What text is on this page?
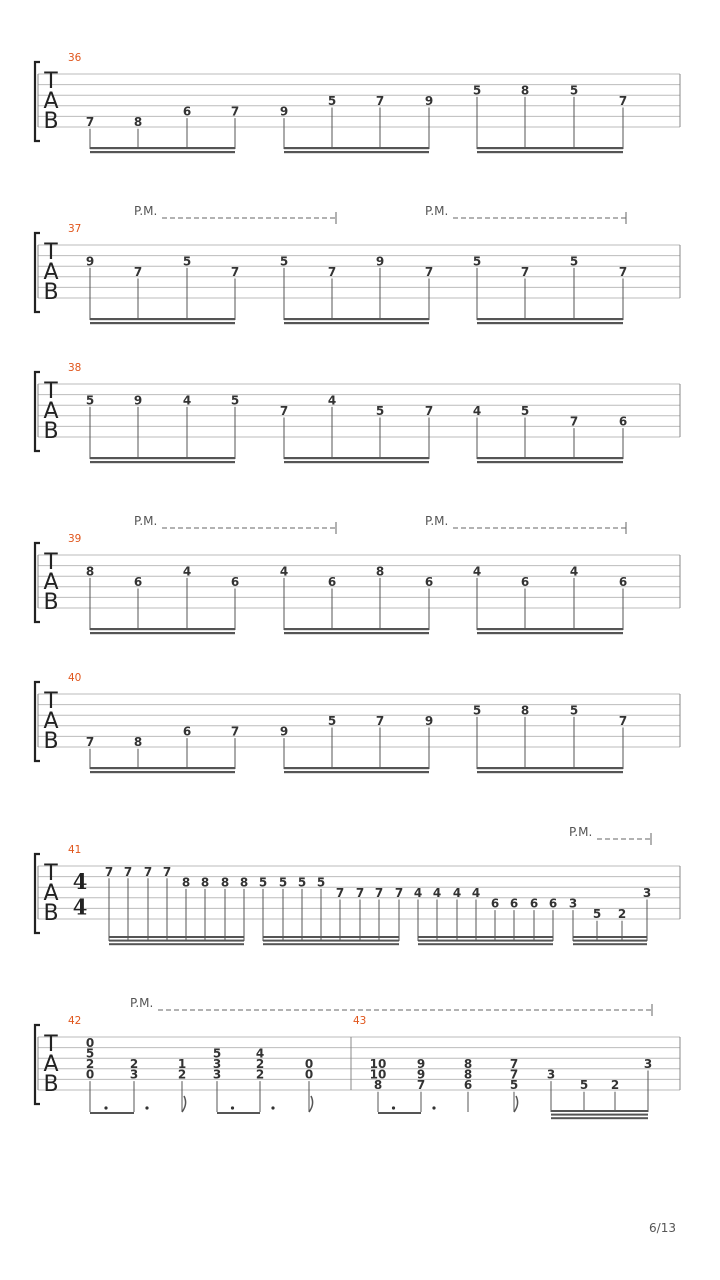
T
A
B
36
7	8
6	7	9
5	7	9
5	8	5
7
T
A
B
37
9
7
5
7
5
7
9
7
5
7
5
7
P.M.	P.M.
T
A
B
38
5	9	4	5
7
4
5	7	4	5
7	6
T
A
B
39
8
6
4
6
4
6
8
6
4
6
4
6
P.M.	P.M.
T
A
B
40
7	8
6	7	9
5	7	9
5	8	5
7
T
A
B
41
4
4
7 7 7 7
8 8 8 8 5 5 5 5
7 7 7 7 4 4 4 4
6 6 6 6 3
5 2
3
P.M.
T
A
B
42
0
5
2
0
2
3
1
2
5
3
3
4
2
2
0
0
43
10
10
8
9
9
7
8
8
6
7
7
5
3
5 2
3
P.M.
6/13
